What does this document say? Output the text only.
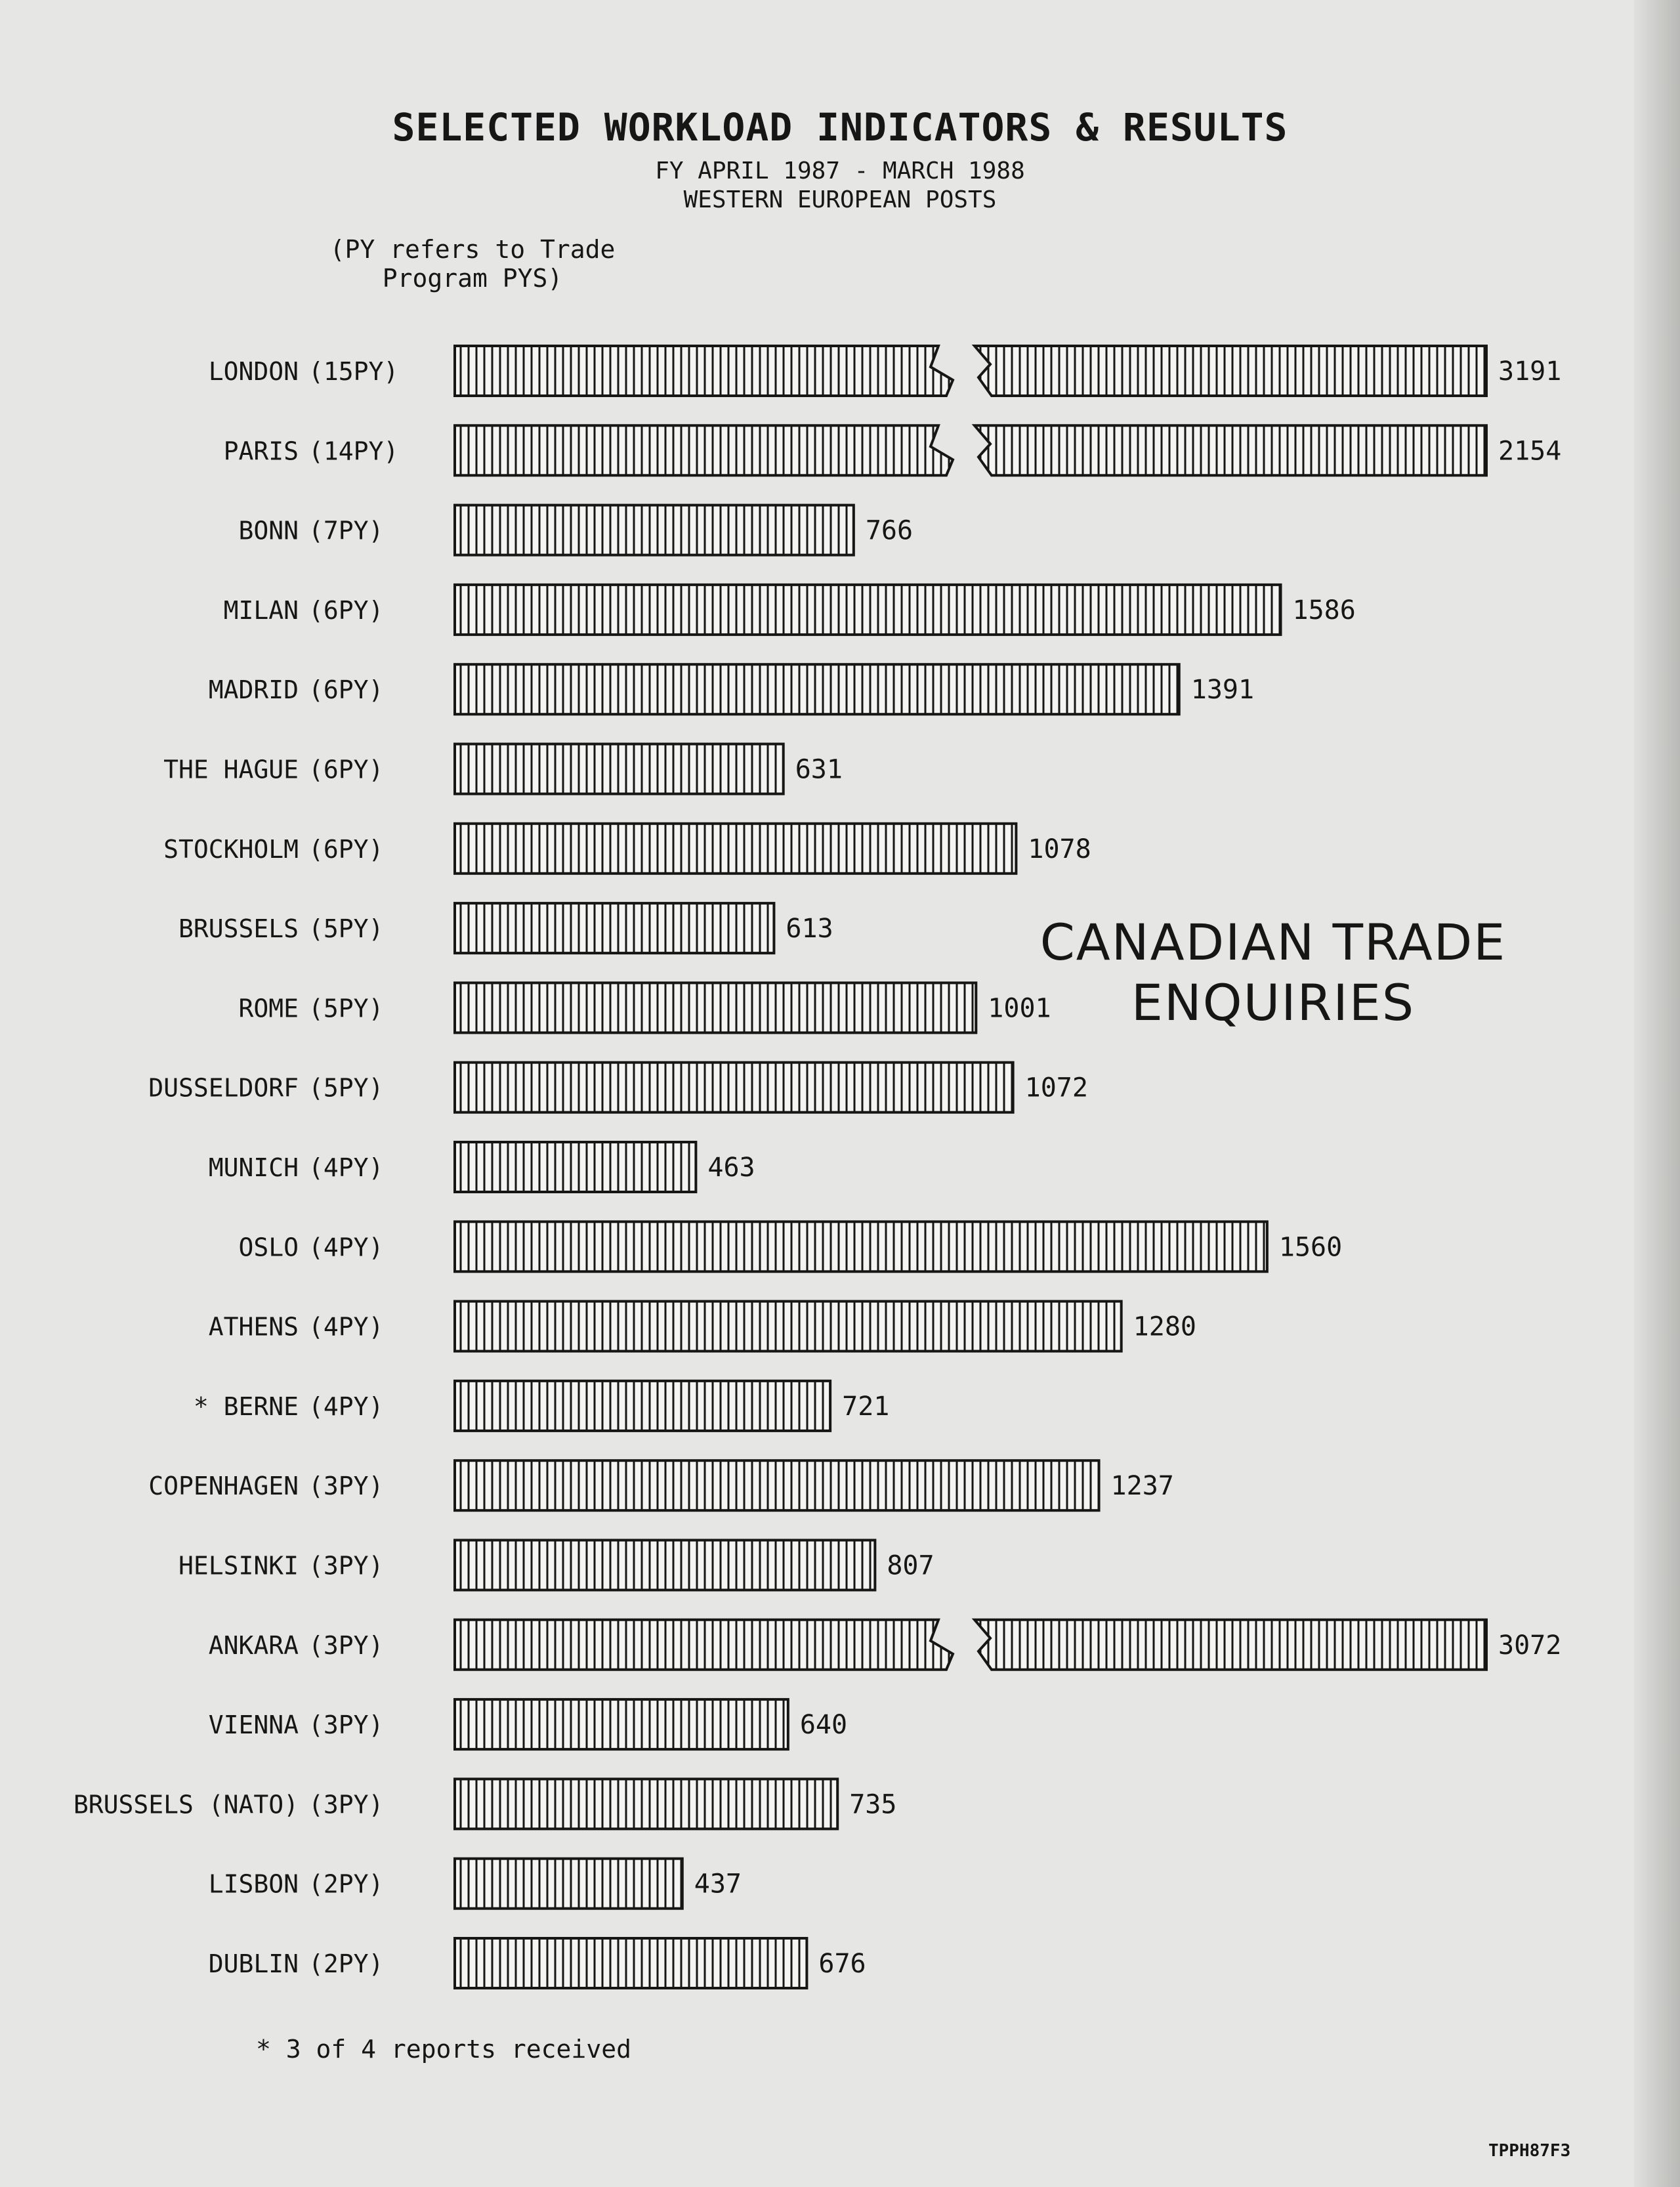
SELECTED WORKLOAD INDICATORS & RESULTS
FY APRIL 1987 - MARCH 1988
WESTERN EUROPEAN POSTS
(PY refers to Trade
Program PYS)
LONDON (15PY)	3191
PARIS (14PY)	2154
BONN (7PY)	766
MILAN (6PY)	1586
MADRID (6PY)	1391
THE HAGUE (6PY)	631
STOCKHOLM (6PY)	1078
BRUSSELS (5PY)	613
ROME (5PY)	1001
DUSSELDORF (5PY)	1072
MUNICH (4PY)	463
OSLO (4PY)	1560
ATHENS (4PY)	1280
* BERNE (4PY)	721
COPENHAGEN (3PY)	1237
HELSINKI (3PY)	807
ANKARA (3PY)	3072
VIENNA (3PY)	640
BRUSSELS (NATO) (3PY)	735
LISBON (2PY)	437
DUBLIN (2PY)	676
CANADIAN TRADE
ENQUIRIES
* 3 of 4 reports received
TPPH87F3
